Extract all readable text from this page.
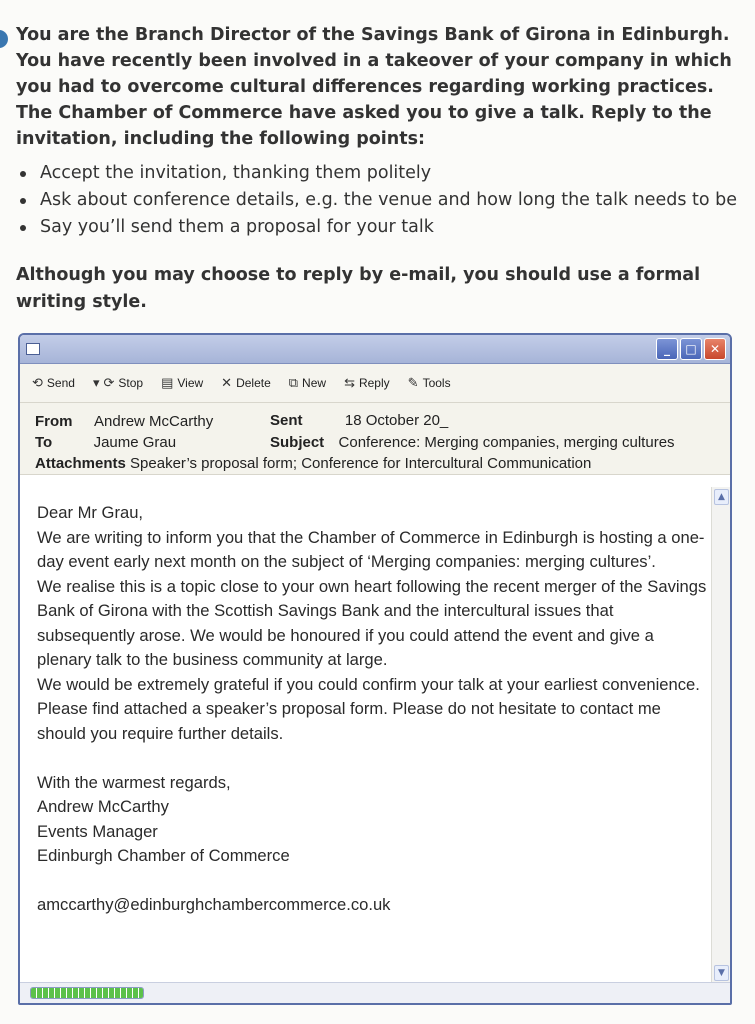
You are the Branch Director of the Savings Bank of Girona in Edinburgh. You have recently been involved in a takeover of your company in which you had to overcome cultural differences regarding working practices. The Chamber of Commerce have asked you to give a talk. Reply to the invitation, including the following points:
Accept the invitation, thanking them politely
Ask about conference details, e.g. the venue and how long the talk needs to be
Say you’ll send them a proposal for your talk
Although you may choose to reply by e-mail, you should use a formal writing style.
_	□	✕
⟲ Send ▾ ⟳ Stop ▤ View ✕ Delete ⧉ New ⇆ Reply ✎ Tools
From Andrew McCarthy
To	Jaume Grau
Sent	18 October 20_
Subject Conference: Merging companies, merging cultures
Attachments Speaker’s proposal form; Conference for Intercultural Communication

Dear Mr Grau,

We are writing to inform you that the Chamber of Commerce in Edinburgh is hosting a one-day event early next month on the subject of ‘Merging companies: merging cultures’.

We realise this is a topic close to your own heart following the recent merger of the Savings Bank of Girona with the Scottish Savings Bank and the intercultural issues that subsequently arose. We would be honoured if you could attend the event and give a plenary talk to the business community at large.

We would be extremely grateful if you could confirm your talk at your earliest convenience. Please find attached a speaker’s proposal form. Please do not hesitate to contact me should you require further details.

With the warmest regards,

Andrew McCarthy

Events Manager

Edinburgh Chamber of Commerce

amccarthy@edinburghchambercommerce.co.uk

▲
▼
